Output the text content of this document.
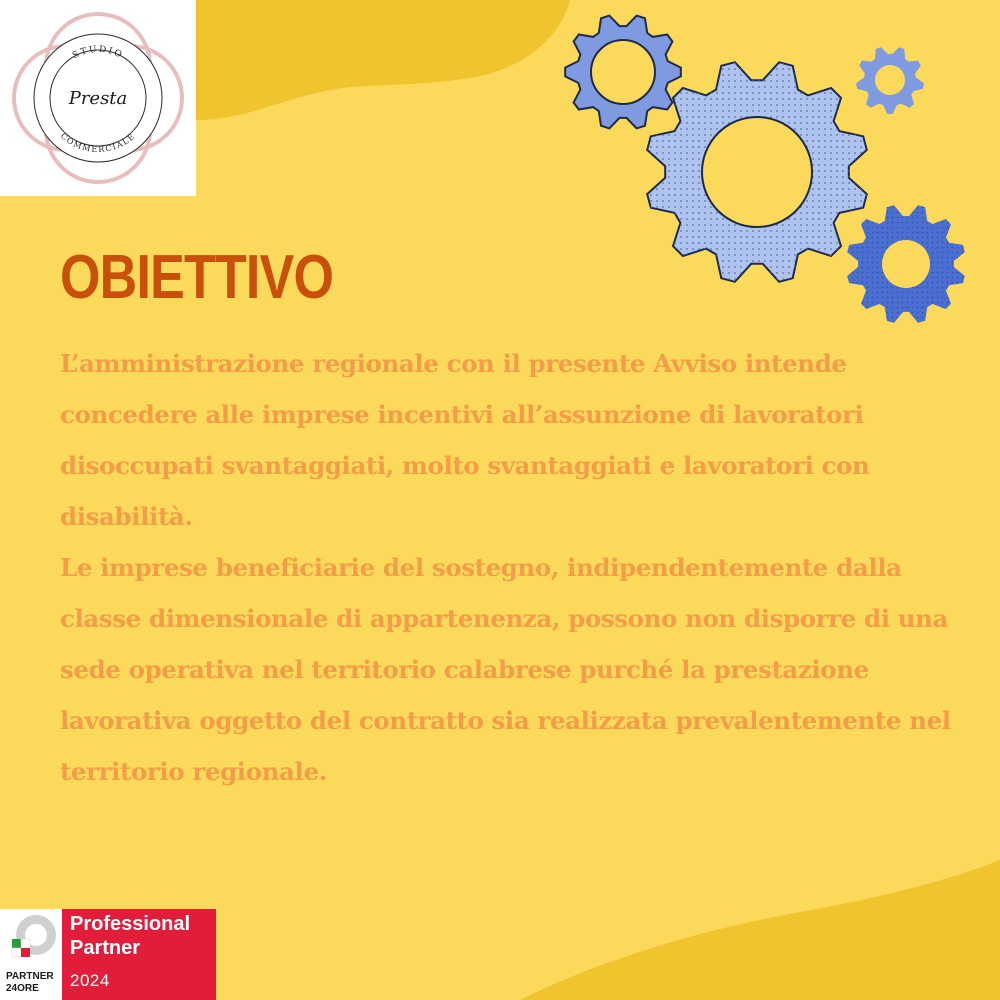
STUDIO
COMMERCIALE
Presta
OBIETTIVO

L’amministrazione regionale con il presente Avviso intende concedere alle imprese incentivi all’assunzione di lavoratori disoccupati svantaggiati, molto svantaggiati e lavoratori con disabilità.

Le imprese beneficiarie del sostegno, indipendentemente dalla classe dimensionale di appartenenza, possono non disporre di una sede operativa nel territorio calabrese purché la prestazione lavorativa oggetto del contratto sia realizzata prevalentemente nel territorio regionale.

PARTNER
24ORE

Professional
Partner
2024
